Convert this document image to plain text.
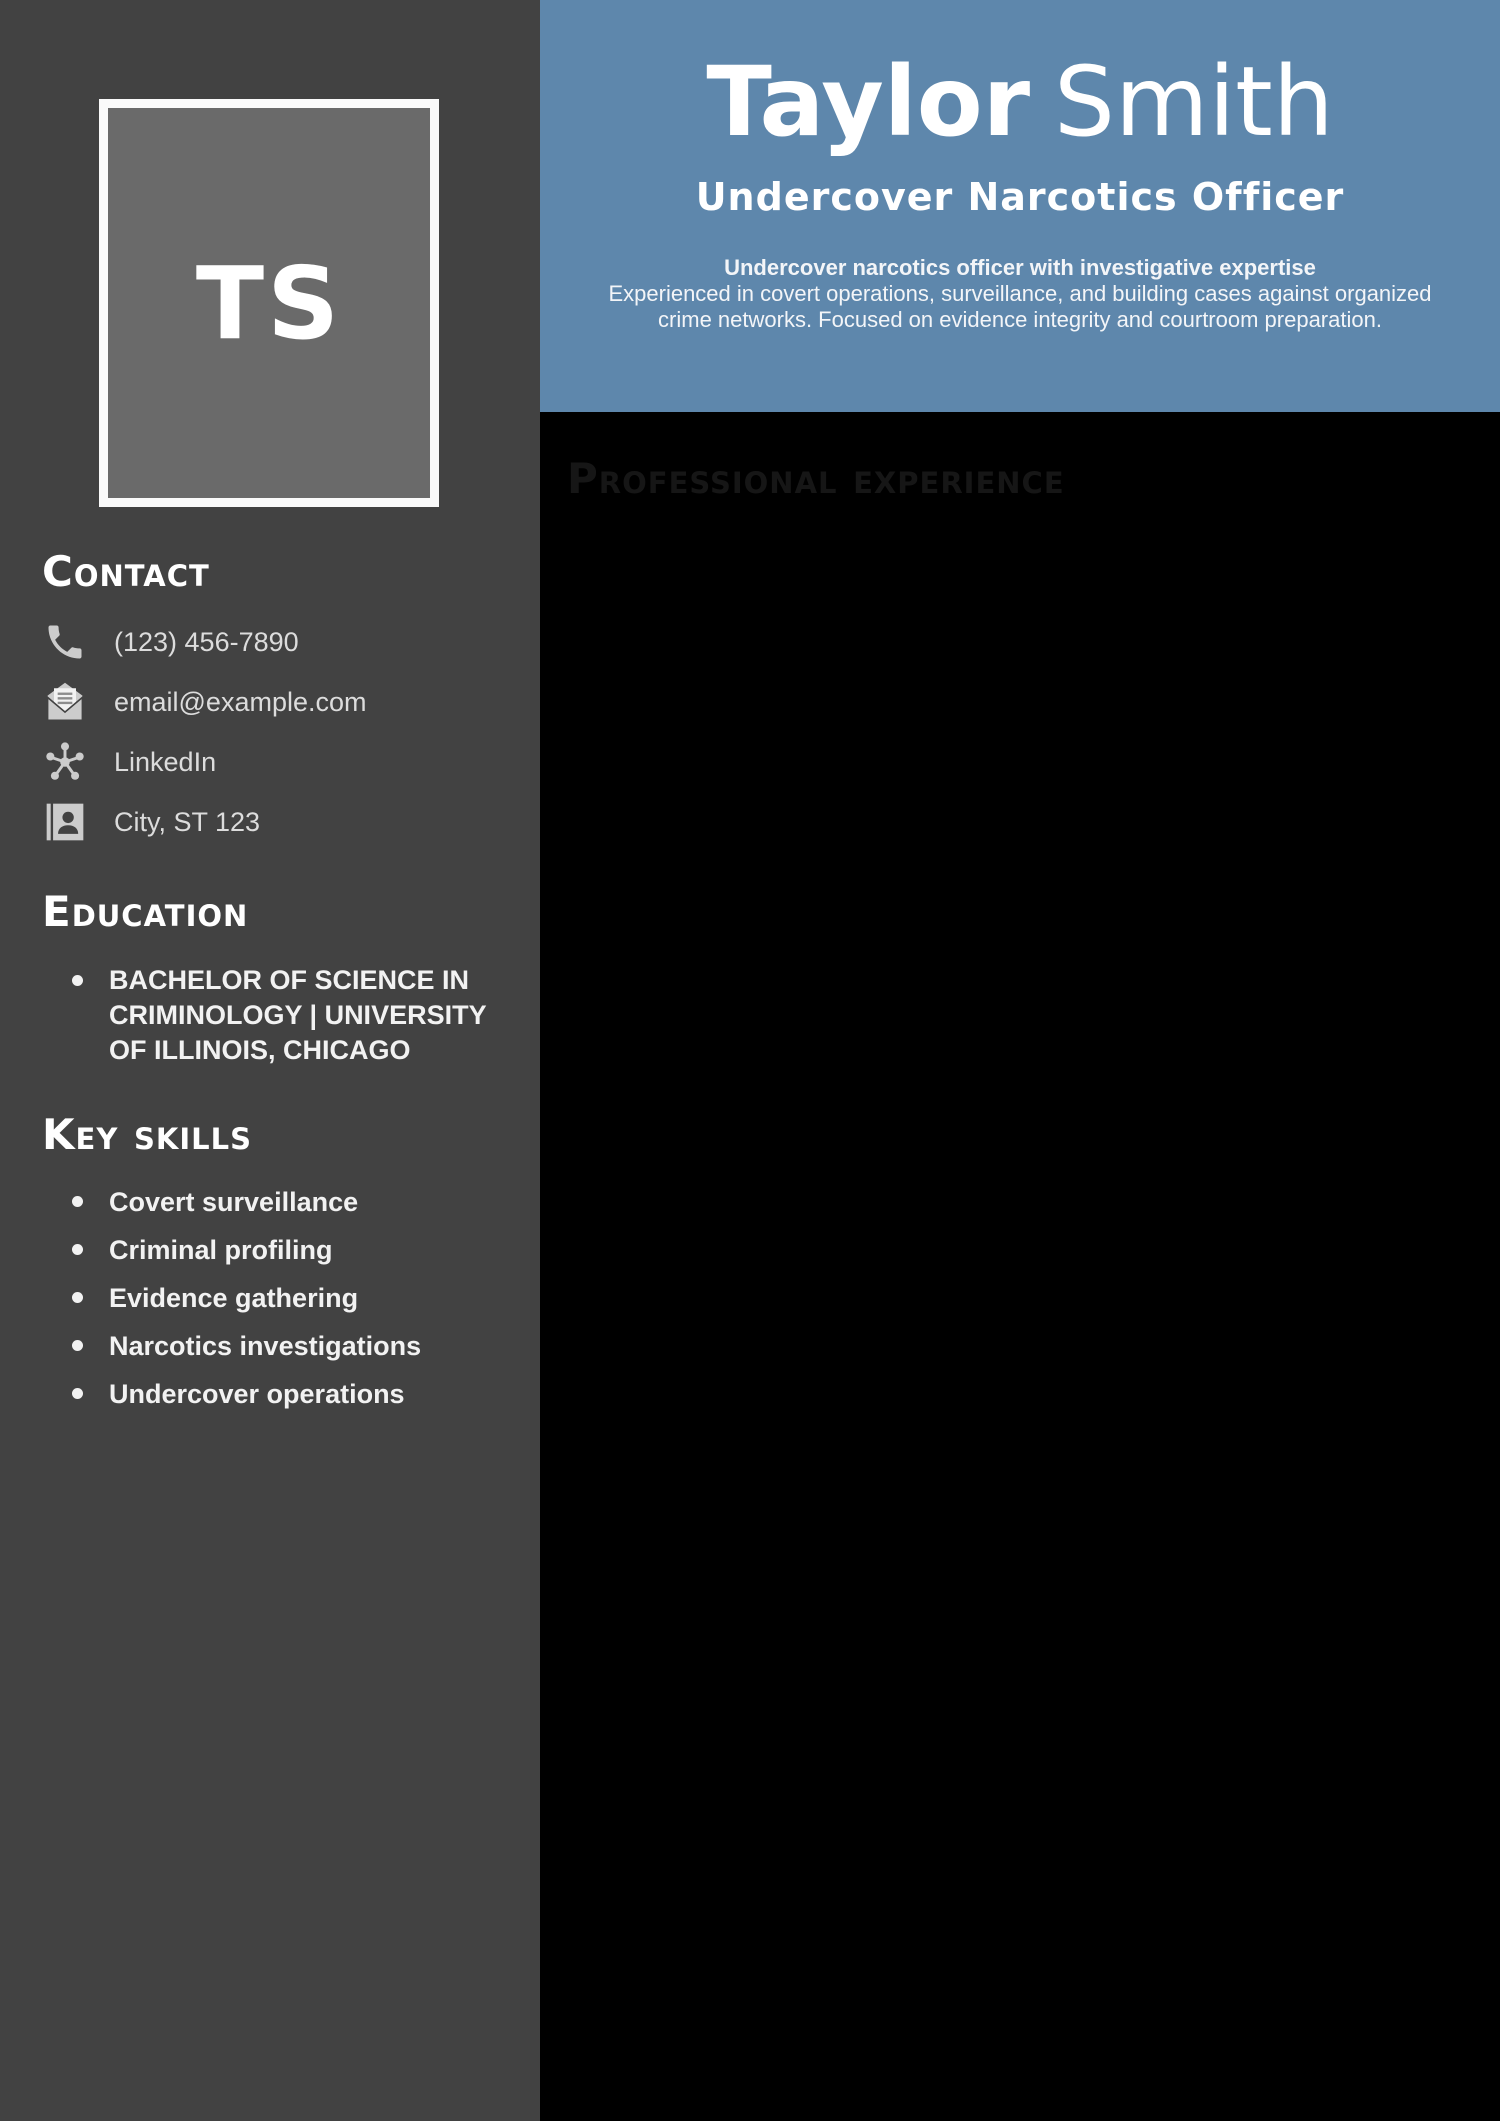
TS
Contact
(123) 456-7890
email@example.com
LinkedIn
City, ST 123
Education
BACHELOR OF SCIENCE IN CRIMINOLOGY | UNIVERSITY OF ILLINOIS, CHICAGO
Key skills
Covert surveillance
Criminal profiling
Evidence gathering
Narcotics investigations
Undercover operations
Taylor Smith
Undercover Narcotics Officer

Undercover narcotics officer with investigative expertise
Experienced in covert operations, surveillance, and building cases against organized crime networks. Focused on evidence integrity and courtroom preparation.

Professional experience
